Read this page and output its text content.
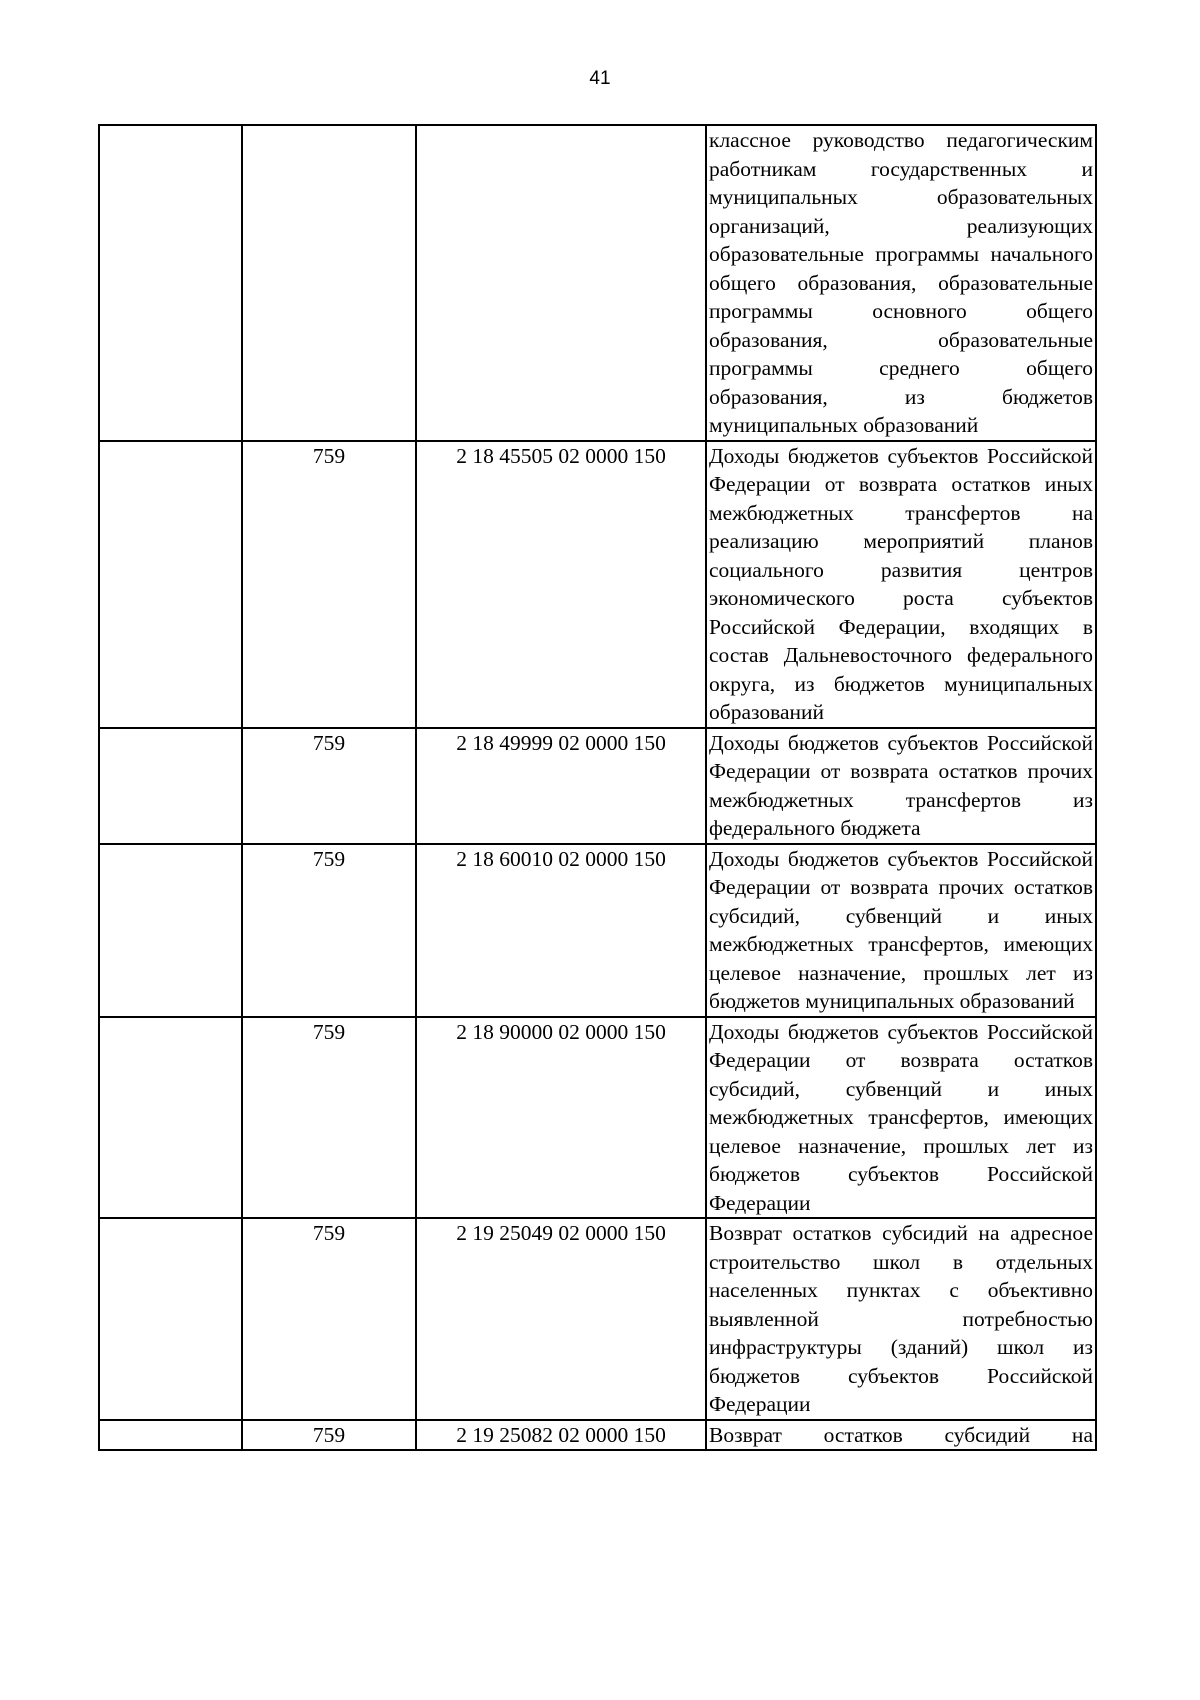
41
			классное руководство педагогическим работникам государственных и муниципальных образовательных организаций, реализующих образовательные программы начального общего образования, образовательные программы основного общего образования, образовательные программы среднего общего образования, из бюджетов муниципальных образований
	759	2 18 45505 02 0000 150	Доходы бюджетов субъектов Российской Федерации от возврата остатков иных межбюджетных трансфертов на реализацию мероприятий планов социального развития центров экономического роста субъектов Российской Федерации, входящих в состав Дальневосточного федерального округа, из бюджетов муниципальных образований
	759	2 18 49999 02 0000 150	Доходы бюджетов субъектов Российской Федерации от возврата остатков прочих межбюджетных трансфертов из федерального бюджета
	759	2 18 60010 02 0000 150	Доходы бюджетов субъектов Российской Федерации от возврата прочих остатков субсидий, субвенций и иных межбюджетных трансфертов, имеющих целевое назначение, прошлых лет из бюджетов муниципальных образований
	759	2 18 90000 02 0000 150	Доходы бюджетов субъектов Российской Федерации от возврата остатков субсидий, субвенций и иных межбюджетных трансфертов, имеющих целевое назначение, прошлых лет из бюджетов субъектов Российской Федерации
	759	2 19 25049 02 0000 150	Возврат остатков субсидий на адресное строительство школ в отдельных населенных пунктах с объективно выявленной потребностью инфраструктуры (зданий) школ из бюджетов субъектов Российской Федерации
	759	2 19 25082 02 0000 150	Возврат остатков субсидий на
